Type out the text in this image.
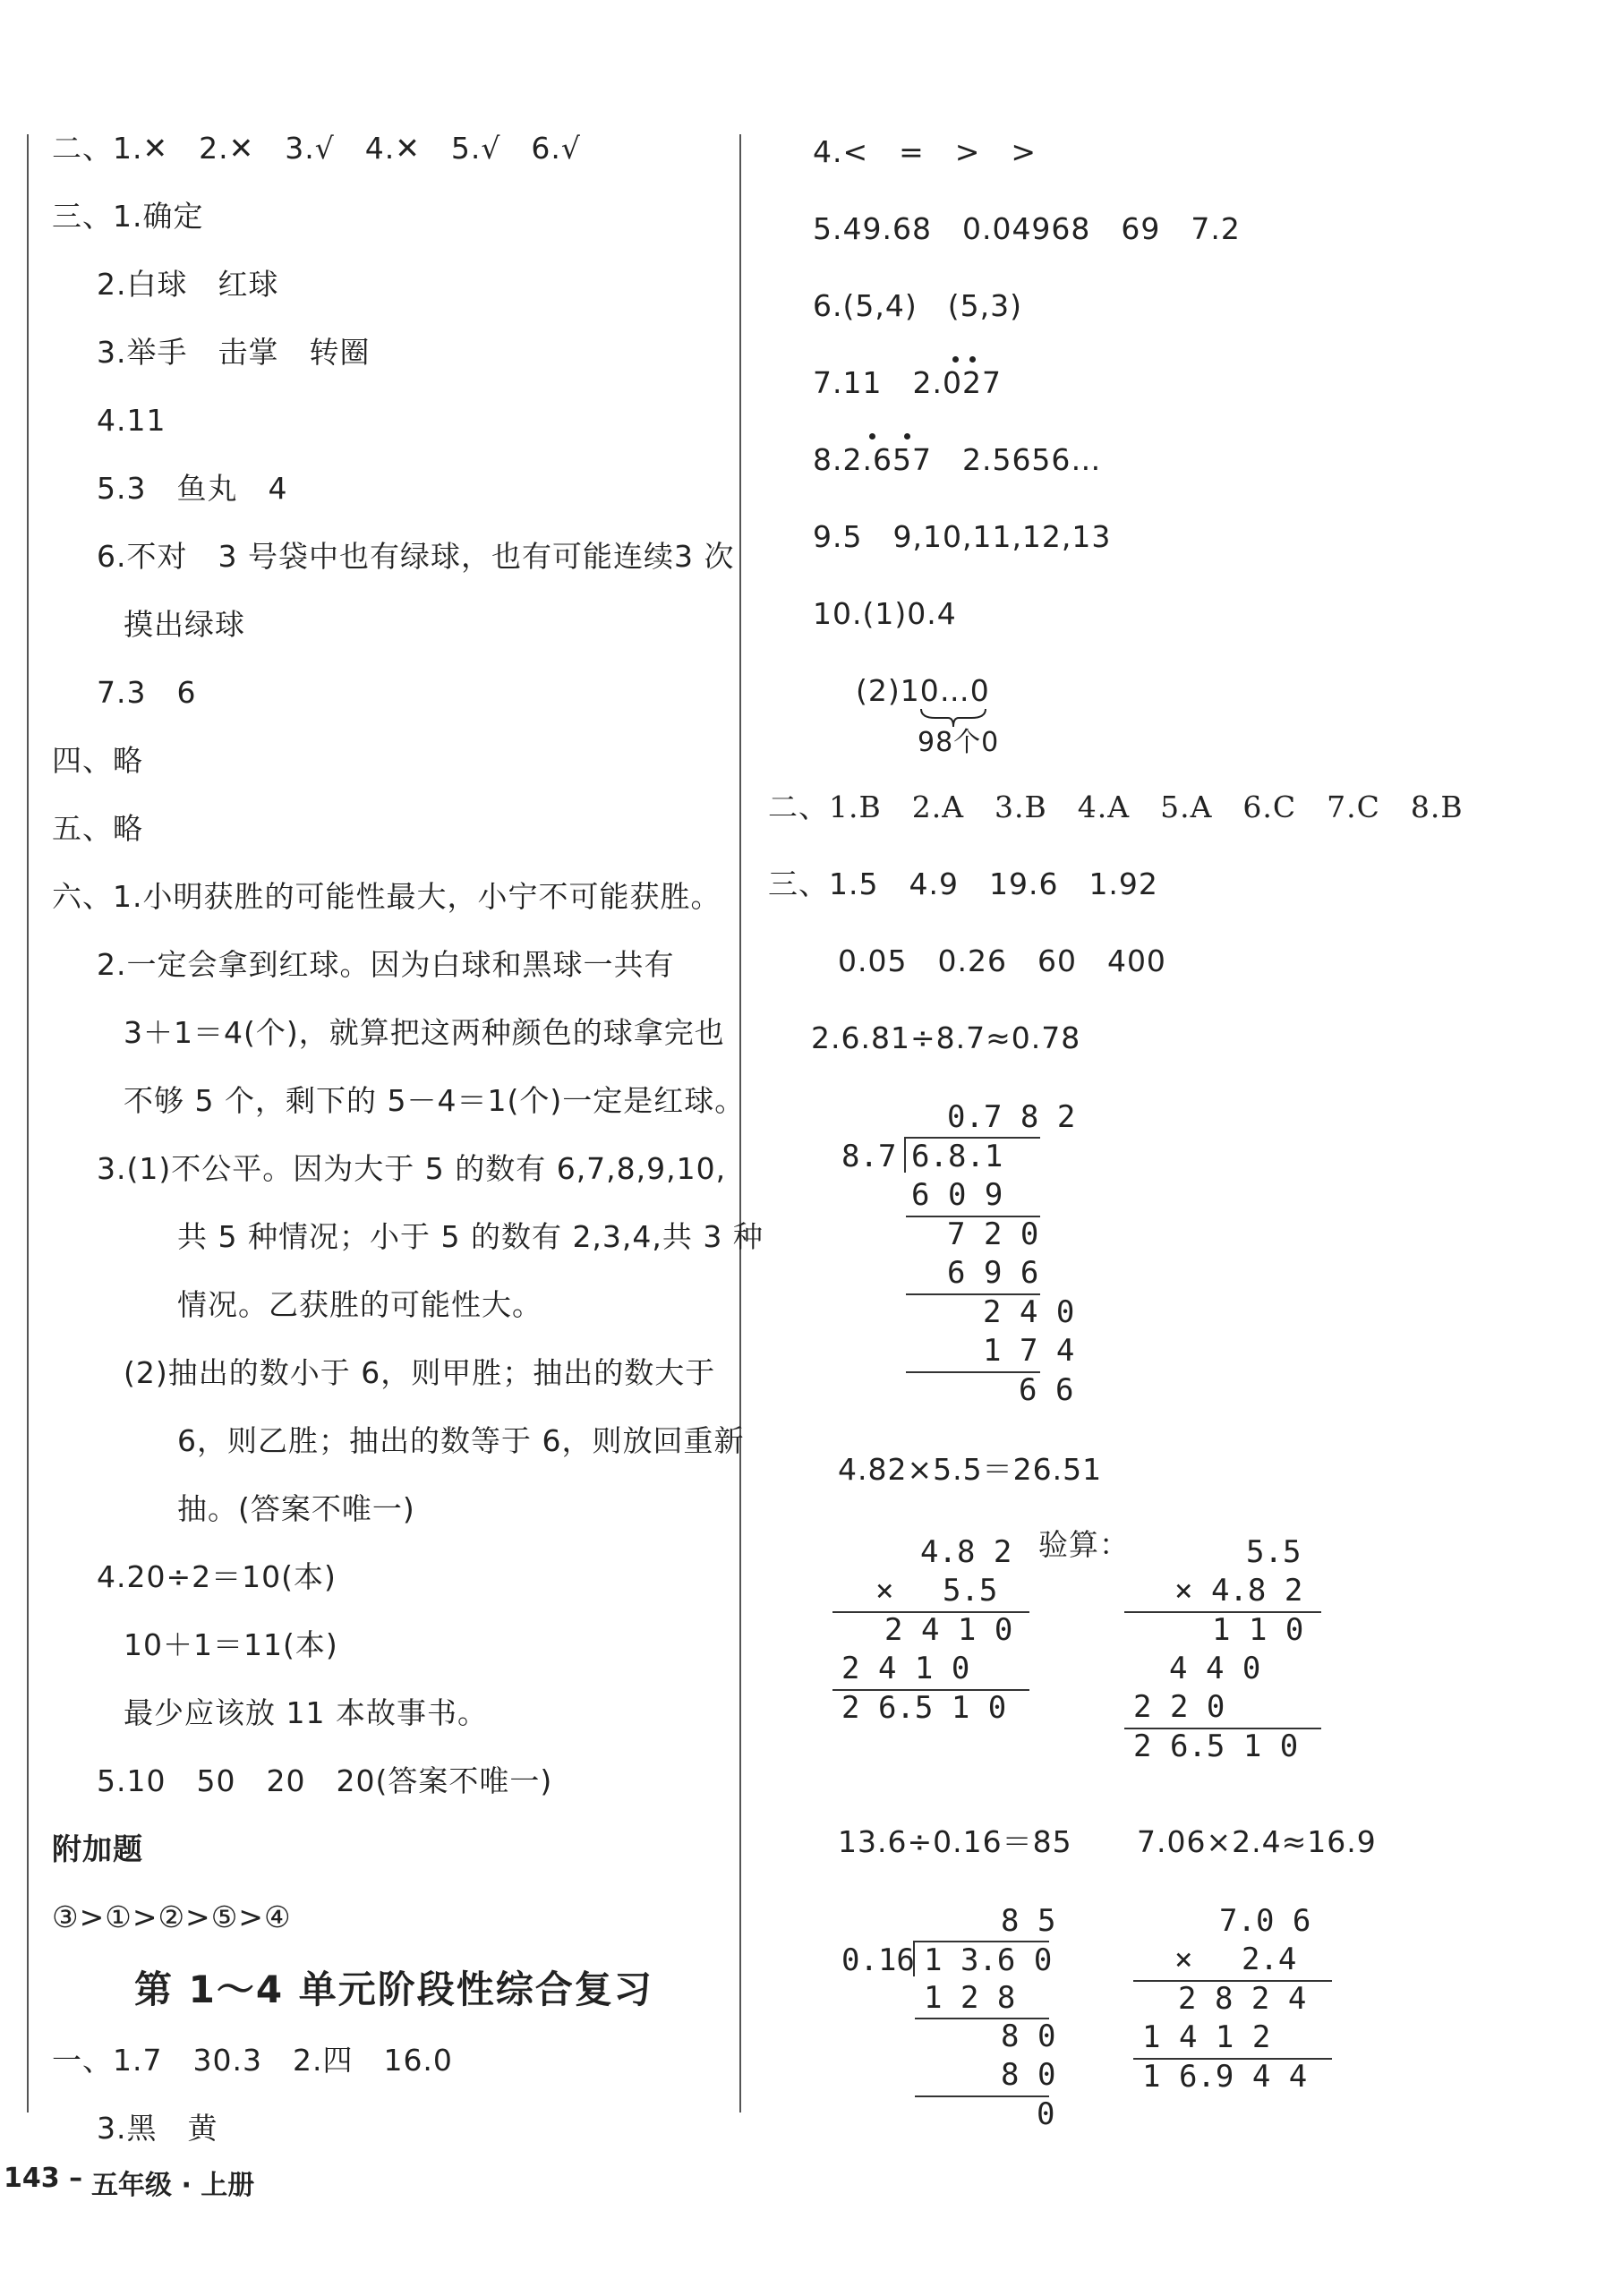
二、1.✕　2.✕　3.√　4.✕　5.√　6.√
三、1.确定
2.白球　红球
3.举手　击掌　转圈
4.11
5.3　鱼丸　4
6.不对　3 号袋中也有绿球，也有可能连续3 次
摸出绿球
7.3　6
四、略
五、略
六、1.小明获胜的可能性最大，小宁不可能获胜。
2.一定会拿到红球。因为白球和黑球一共有
3＋1＝4(个)，就算把这两种颜色的球拿完也
不够 5 个，剩下的 5－4＝1(个)一定是红球。
3.(1)不公平。因为大于 5 的数有 6,7,8,9,10,
共 5 种情况；小于 5 的数有 2,3,4,共 3 种
情况。乙获胜的可能性大。
(2)抽出的数小于 6，则甲胜；抽出的数大于
6，则乙胜；抽出的数等于 6，则放回重新
抽。(答案不唯一)
4.20÷2＝10(本)
10＋1＝11(本)
最少应该放 11 本故事书。
5.10　50　20　20(答案不唯一)
附加题
③>①>②>⑤>④
第 1～4 单元阶段性综合复习
一、1.7　30.3　2.四　16.0
3.黑　黄
4.<　=　>　>
5.49.68　0.04968　69　7.2
6.(5,4)　(5,3)
7.11　2.027
8.2.657　2.5656…
9.5　9,10,11,12,13
10.(1)0.4
(2)10…0
98个0
二、1.B　2.A　3.B　4.A　5.A　6.C　7.C　8.B
三、1.5　4.9　19.6　1.92
0.05　0.26　60　400
2.6.81÷8.7≈0.78
0.7 8 2
8.7 6.8.1
6 0 9
7 2 0
6 9 6
2 4 0
1 7 4
6 6
4.82×5.5＝26.51
验算：
4.8 2
×　 5.5
2 4 1 0
2 4 1 0
2 6.5 1 0
5.5
× 4.8 2
1 1 0
4 4 0
2 2 0
2 6.5 1 0
13.6÷0.16＝85 7.06×2.4≈16.9
8 5
0.16 1 3.6 0
1 2 8
8 0
8 0
0
7.0 6
×　 2.4
2 8 2 4
1 4 1 2
1 6.9 4 4
143 – 五年级 · 上册
